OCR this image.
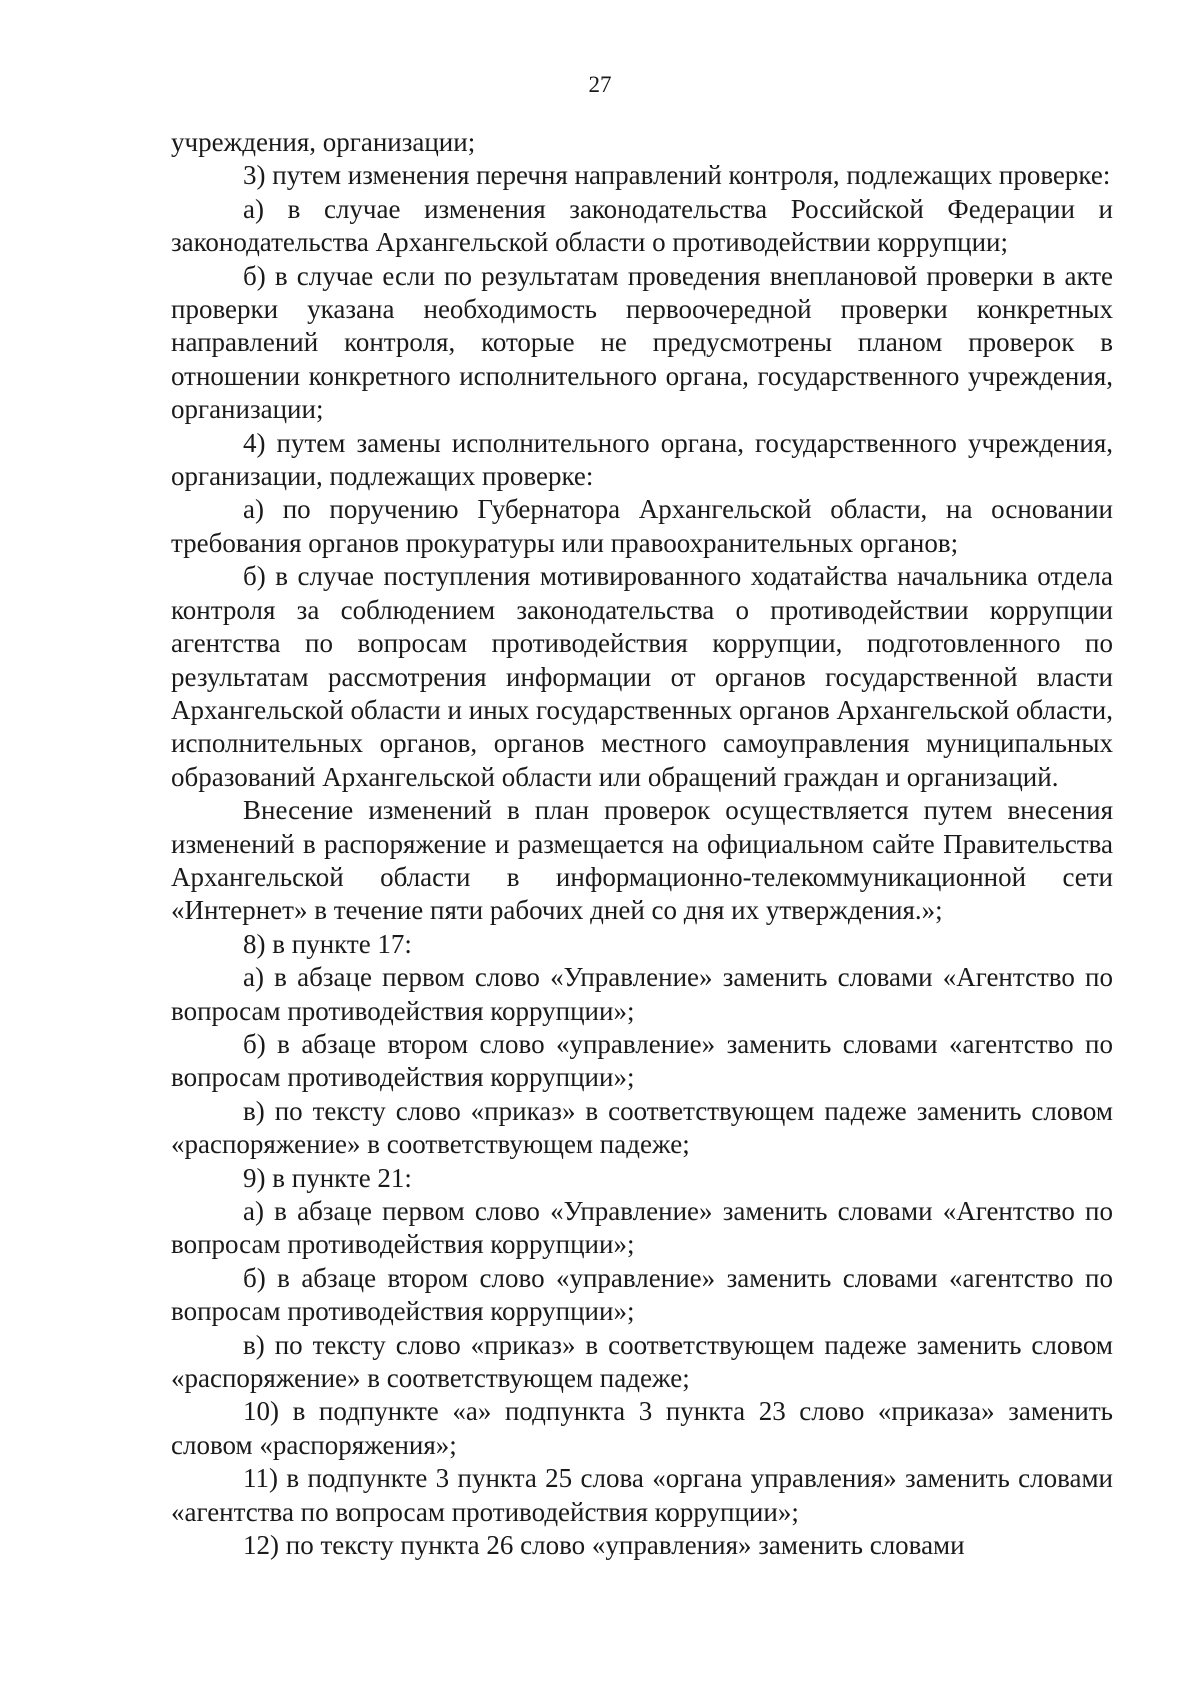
27

учреждения, организации;

3) путем изменения перечня направлений контроля, подлежащих проверке:

а) в случае изменения законодательства Российской Федерации и законодательства Архангельской области о противодействии коррупции;

б) в случае если по результатам проведения внеплановой проверки в акте проверки указана необходимость первоочередной проверки конкретных направлений контроля, которые не предусмотрены планом проверок в отношении конкретного исполнительного органа, государственного учреждения, организации;

4) путем замены исполнительного органа, государственного учреждения, организации, подлежащих проверке:

а) по поручению Губернатора Архангельской области, на основании требования органов прокуратуры или правоохранительных органов;

б) в случае поступления мотивированного ходатайства начальника отдела контроля за соблюдением законодательства о противодействии коррупции агентства по вопросам противодействия коррупции, подготовленного по результатам рассмотрения информации от органов государственной власти Архангельской области и иных государственных органов Архангельской области, исполнительных органов, органов местного самоуправления муниципальных образований Архангельской области или обращений граждан и организаций.

Внесение изменений в план проверок осуществляется путем внесения изменений в распоряжение и размещается на официальном сайте Правительства Архангельской области в информационно-телекоммуникационной сети «Интернет» в течение пяти рабочих дней со дня их утверждения.»;

8) в пункте 17:

а) в абзаце первом слово «Управление» заменить словами «Агентство по вопросам противодействия коррупции»;

б) в абзаце втором слово «управление» заменить словами «агентство по вопросам противодействия коррупции»;

в) по тексту слово «приказ» в соответствующем падеже заменить словом «распоряжение» в соответствующем падеже;

9) в пункте 21:

а) в абзаце первом слово «Управление» заменить словами «Агентство по вопросам противодействия коррупции»;

б) в абзаце втором слово «управление» заменить словами «агентство по вопросам противодействия коррупции»;

в) по тексту слово «приказ» в соответствующем падеже заменить словом «распоряжение» в соответствующем падеже;

10) в подпункте «а» подпункта 3 пункта 23 слово «приказа» заменить словом «распоряжения»;

11) в подпункте 3 пункта 25 слова «органа управления» заменить словами «агентства по вопросам противодействия коррупции»;

12) по тексту пункта 26 слово «управления» заменить словами
